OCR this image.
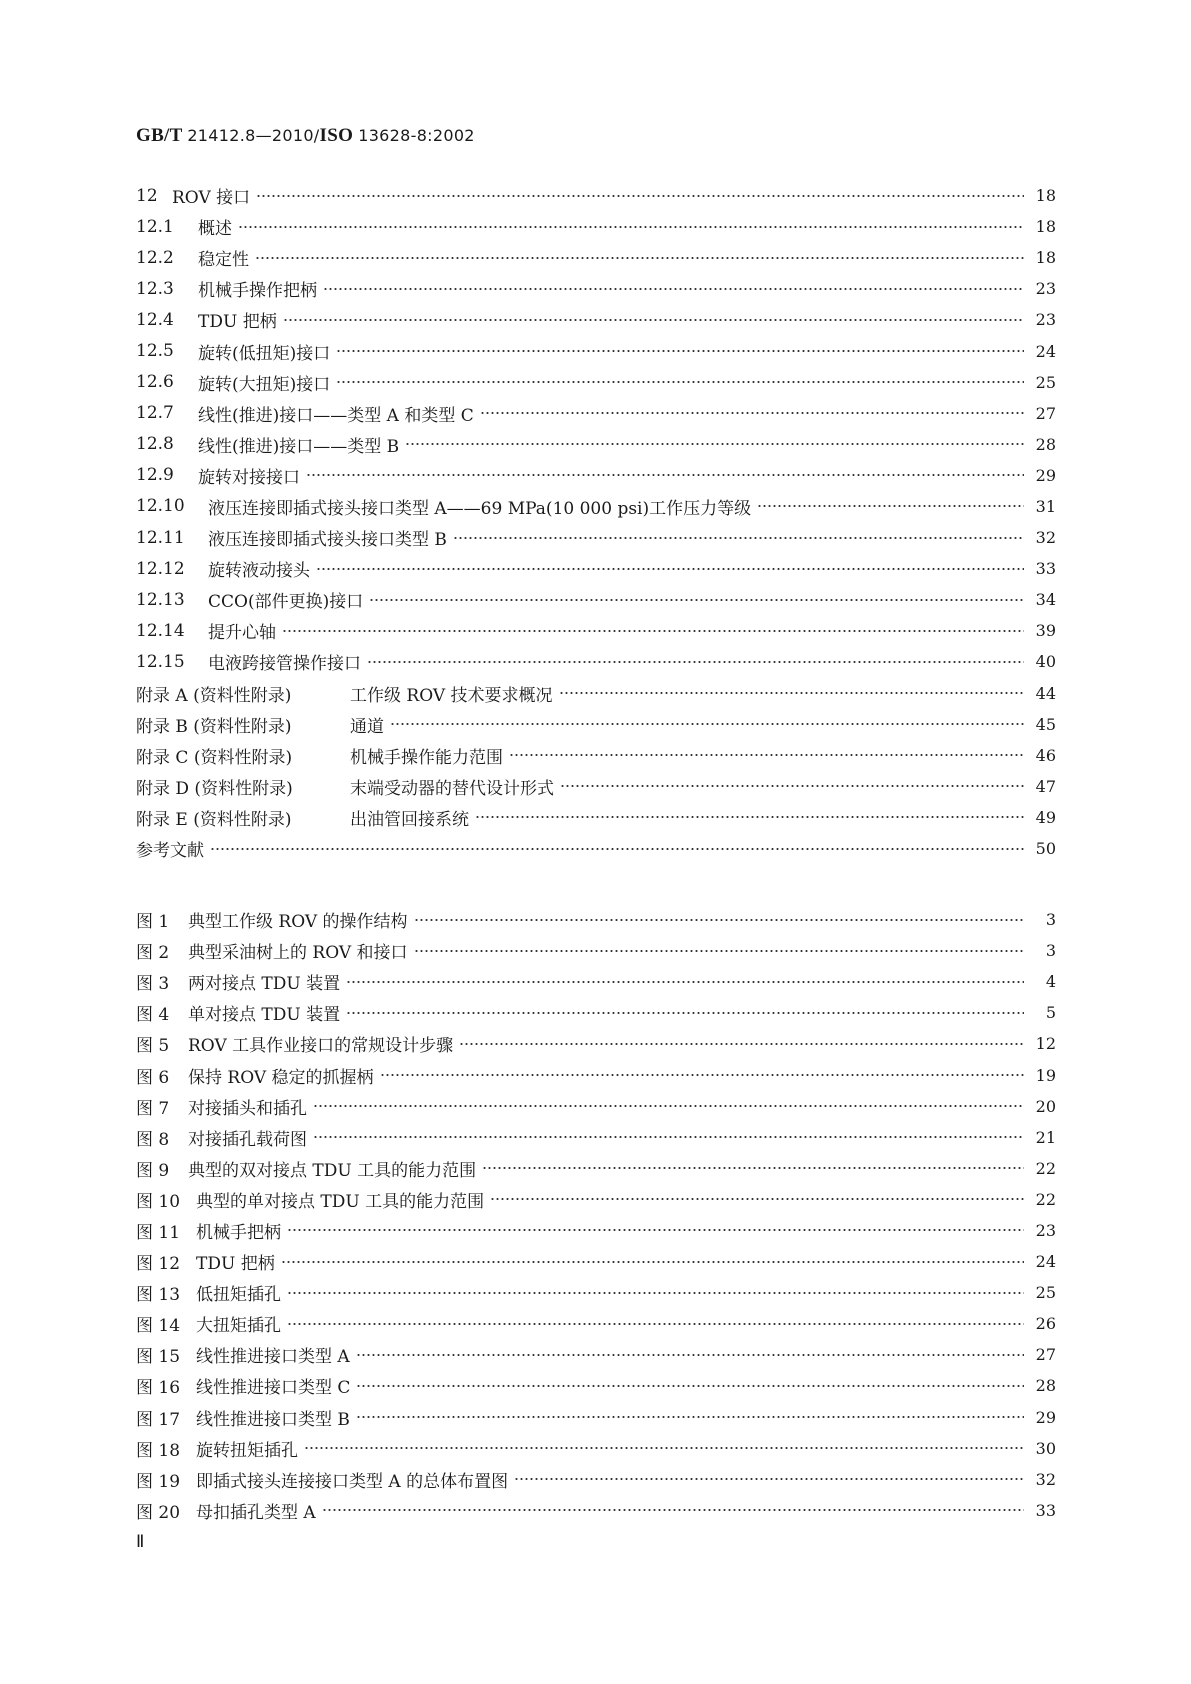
GB/T 21412.8—2010/ISO 13628-8:2002
12 ROV 接口	18
12.1	概述	18
12.2	稳定性	18
12.3	机械手操作把柄	23
12.4	TDU 把柄	23
12.5	旋转(低扭矩)接口	24
12.6	旋转(大扭矩)接口	25
12.7	线性(推进)接口——类型 A 和类型 C	27
12.8	线性(推进)接口——类型 B	28
12.9	旋转对接接口	29
12.10	液压连接即插式接头接口类型 A——69 MPa(10 000 psi)工作压力等级	31
12.11	液压连接即插式接头接口类型 B	32
12.12	旋转液动接头	33
12.13	CCO(部件更换)接口	34
12.14	提升心轴	39
12.15	电液跨接管操作接口	40
附录 A (资料性附录)	工作级 ROV 技术要求概况	44
附录 B (资料性附录)	通道	45
附录 C (资料性附录)	机械手操作能力范围	46
附录 D (资料性附录)	末端受动器的替代设计形式	47
附录 E (资料性附录)	出油管回接系统	49
参考文献	50
图 1	典型工作级 ROV 的操作结构	3
图 2	典型采油树上的 ROV 和接口	3
图 3	两对接点 TDU 装置	4
图 4	单对接点 TDU 装置	5
图 5	ROV 工具作业接口的常规设计步骤	12
图 6	保持 ROV 稳定的抓握柄	19
图 7	对接插头和插孔	20
图 8	对接插孔载荷图	21
图 9	典型的双对接点 TDU 工具的能力范围	22
图 10 典型的单对接点 TDU 工具的能力范围	22
图 11 机械手把柄	23
图 12 TDU 把柄	24
图 13 低扭矩插孔	25
图 14 大扭矩插孔	26
图 15 线性推进接口类型 A	27
图 16 线性推进接口类型 C	28
图 17 线性推进接口类型 B	29
图 18 旋转扭矩插孔	30
图 19 即插式接头连接接口类型 A 的总体布置图	32
图 20 母扣插孔类型 A	33
Ⅱ
